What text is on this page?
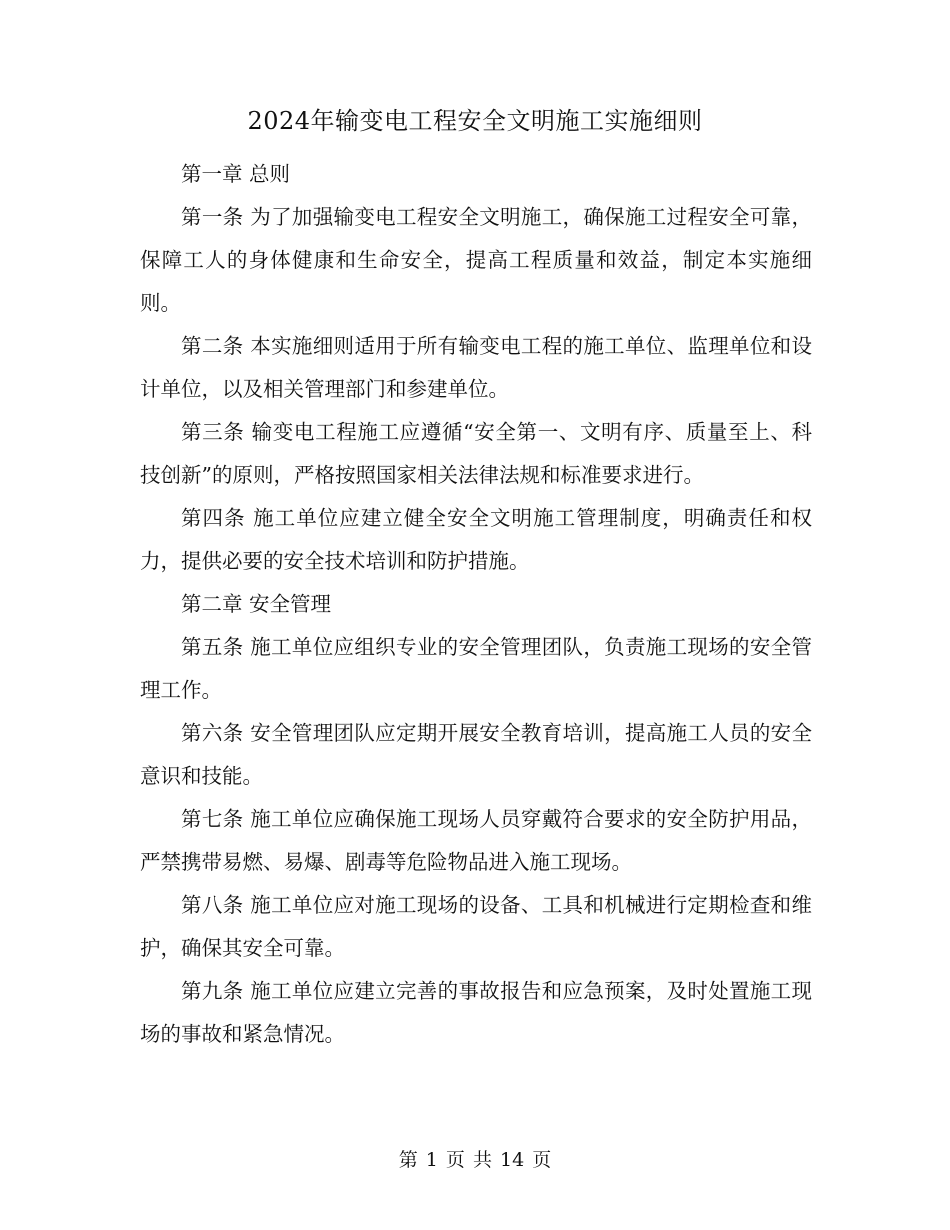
2024年输变电工程安全文明施工实施细则

第一章 总则

第一条 为了加强输变电工程安全文明施工，确保施工过程安全可靠，保障工人的身体健康和生命安全，提高工程质量和效益，制定本实施细则。

第二条 本实施细则适用于所有输变电工程的施工单位、监理单位和设计单位，以及相关管理部门和参建单位。

第三条 输变电工程施工应遵循“安全第一、文明有序、质量至上、科技创新”的原则，严格按照国家相关法律法规和标准要求进行。

第四条 施工单位应建立健全安全文明施工管理制度，明确责任和权力，提供必要的安全技术培训和防护措施。

第二章 安全管理

第五条 施工单位应组织专业的安全管理团队，负责施工现场的安全管理工作。

第六条 安全管理团队应定期开展安全教育培训，提高施工人员的安全意识和技能。

第七条 施工单位应确保施工现场人员穿戴符合要求的安全防护用品，严禁携带易燃、易爆、剧毒等危险物品进入施工现场。

第八条 施工单位应对施工现场的设备、工具和机械进行定期检查和维护，确保其安全可靠。

第九条 施工单位应建立完善的事故报告和应急预案，及时处置施工现场的事故和紧急情况。

第 1 页 共 14 页
